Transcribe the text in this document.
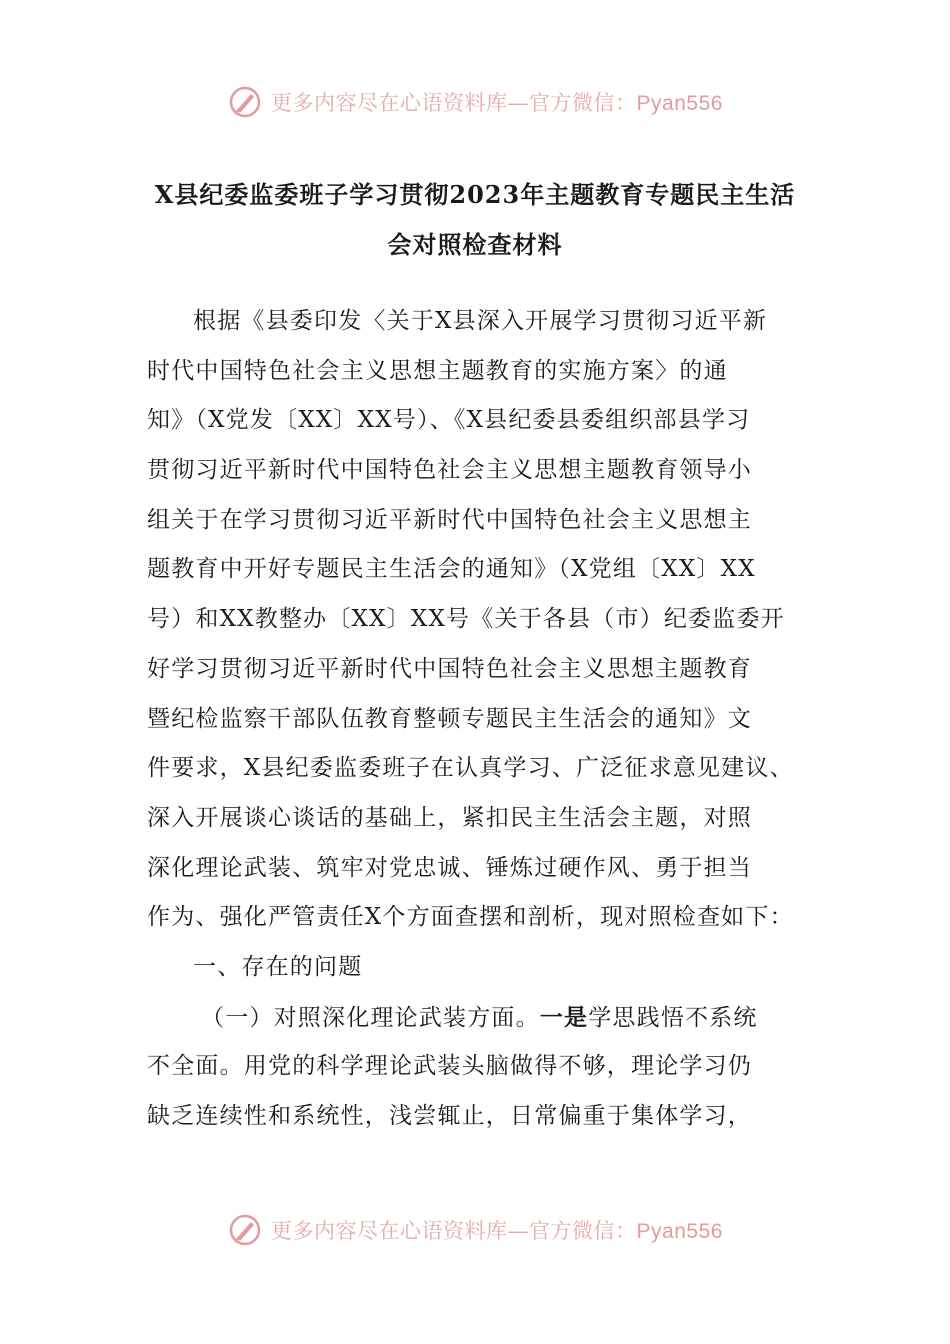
更多内容尽在心语资料库—官方微信：Pyan556
X县纪委监委班子学习贯彻2023年主题教育专题民主生活
会对照检查材料
根据《县委印发〈关于X县深入开展学习贯彻习近平新
时代中国特色社会主义思想主题教育的实施方案〉的通
知》（X党发〔XX〕XX号）、《X县纪委县委组织部县学习
贯彻习近平新时代中国特色社会主义思想主题教育领导小
组关于在学习贯彻习近平新时代中国特色社会主义思想主
题教育中开好专题民主生活会的通知》（X党组〔XX〕XX
号）和XX教整办〔XX〕XX号《关于各县（市）纪委监委开
好学习贯彻习近平新时代中国特色社会主义思想主题教育
暨纪检监察干部队伍教育整顿专题民主生活会的通知》文
件要求，X县纪委监委班子在认真学习、广泛征求意见建议、
深入开展谈心谈话的基础上，紧扣民主生活会主题，对照
深化理论武装、筑牢对党忠诚、锤炼过硬作风、勇于担当
作为、强化严管责任X个方面查摆和剖析，现对照检查如下：
一、存在的问题
（一）对照深化理论武装方面。一是学思践悟不系统
不全面。用党的科学理论武装头脑做得不够，理论学习仍
缺乏连续性和系统性，浅尝辄止，日常偏重于集体学习，
更多内容尽在心语资料库—官方微信：Pyan556
